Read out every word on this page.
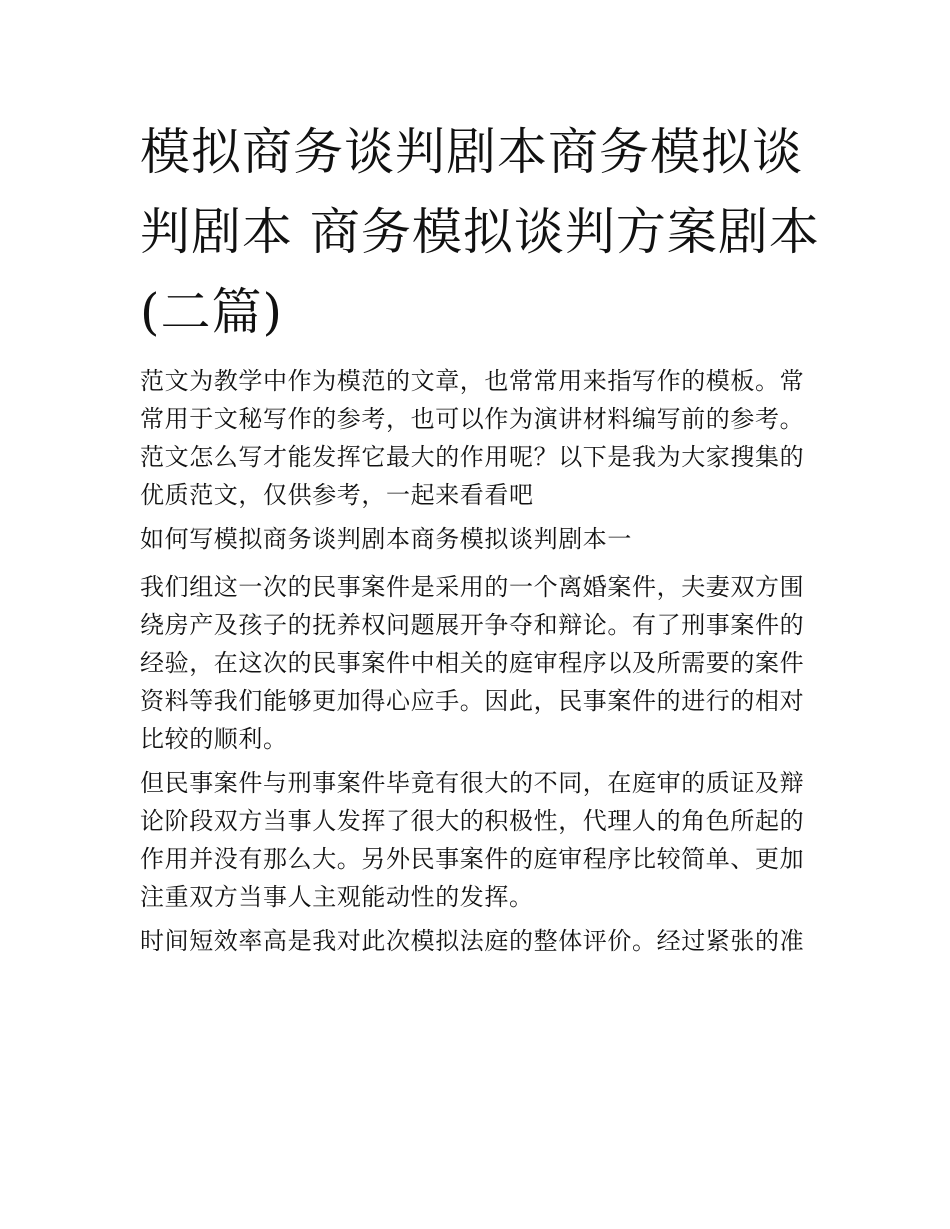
模拟商务谈判剧本商务模拟谈判剧本 商务模拟谈判方案剧本(二篇)

范文为教学中作为模范的文章，也常常用来指写作的模板。常常用于文秘写作的参考，也可以作为演讲材料编写前的参考。范文怎么写才能发挥它最大的作用呢？以下是我为大家搜集的优质范文，仅供参考，一起来看看吧

如何写模拟商务谈判剧本商务模拟谈判剧本一

我们组这一次的民事案件是采用的一个离婚案件，夫妻双方围绕房产及孩子的抚养权问题展开争夺和辩论。有了刑事案件的经验，在这次的民事案件中相关的庭审程序以及所需要的案件资料等我们能够更加得心应手。因此，民事案件的进行的相对比较的顺利。

但民事案件与刑事案件毕竟有很大的不同，在庭审的质证及辩论阶段双方当事人发挥了很大的积极性，代理人的角色所起的作用并没有那么大。另外民事案件的庭审程序比较简单、更加注重双方当事人主观能动性的发挥。

时间短效率高是我对此次模拟法庭的整体评价。经过紧张的准
